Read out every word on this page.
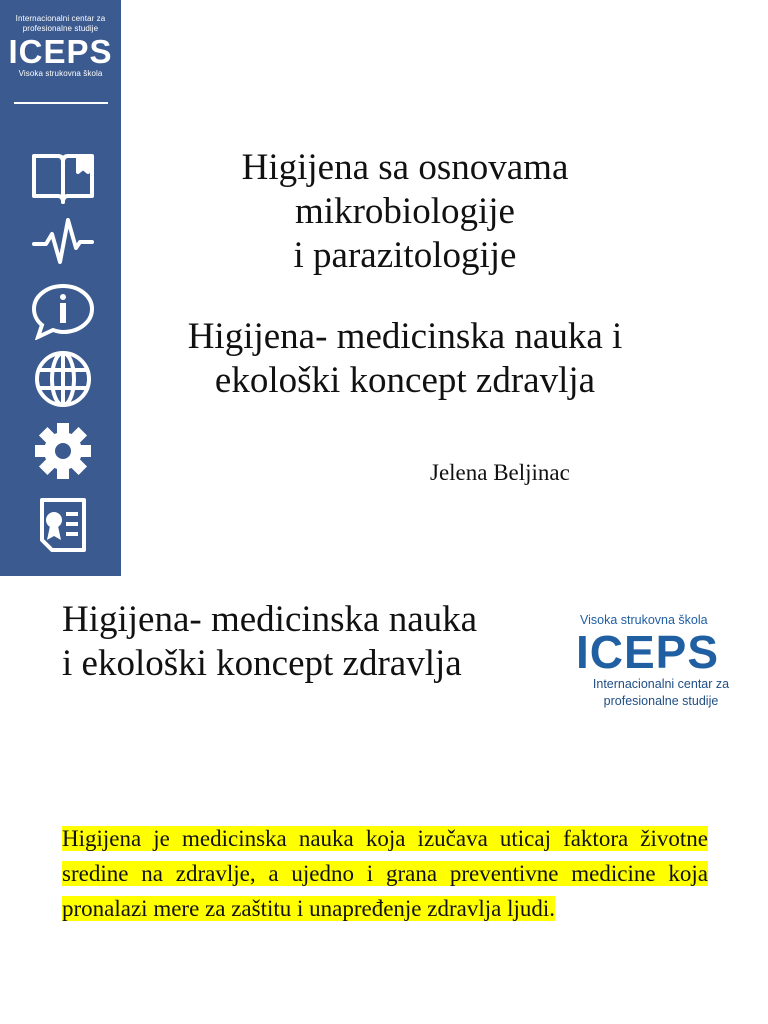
Internacionalni centar za profesionalne studije
ICEPS
Visoka strukovna škola
Higijena sa osnovama
mikrobiologije
i parazitologije
Higijena- medicinska nauka i
ekološki koncept zdravlja
Jelena Beljinac
Higijena- medicinska nauka
i ekološki koncept zdravlja
Visoka strukovna škola
ICEPS
Internacionalni centar za
profesionalne studije
Higijena je medicinska nauka koja izučava uticaj faktora životne sredine na zdravlje, a ujedno i grana preventivne medicine koja pronalazi mere za zaštitu i unapređenje zdravlja ljudi.
